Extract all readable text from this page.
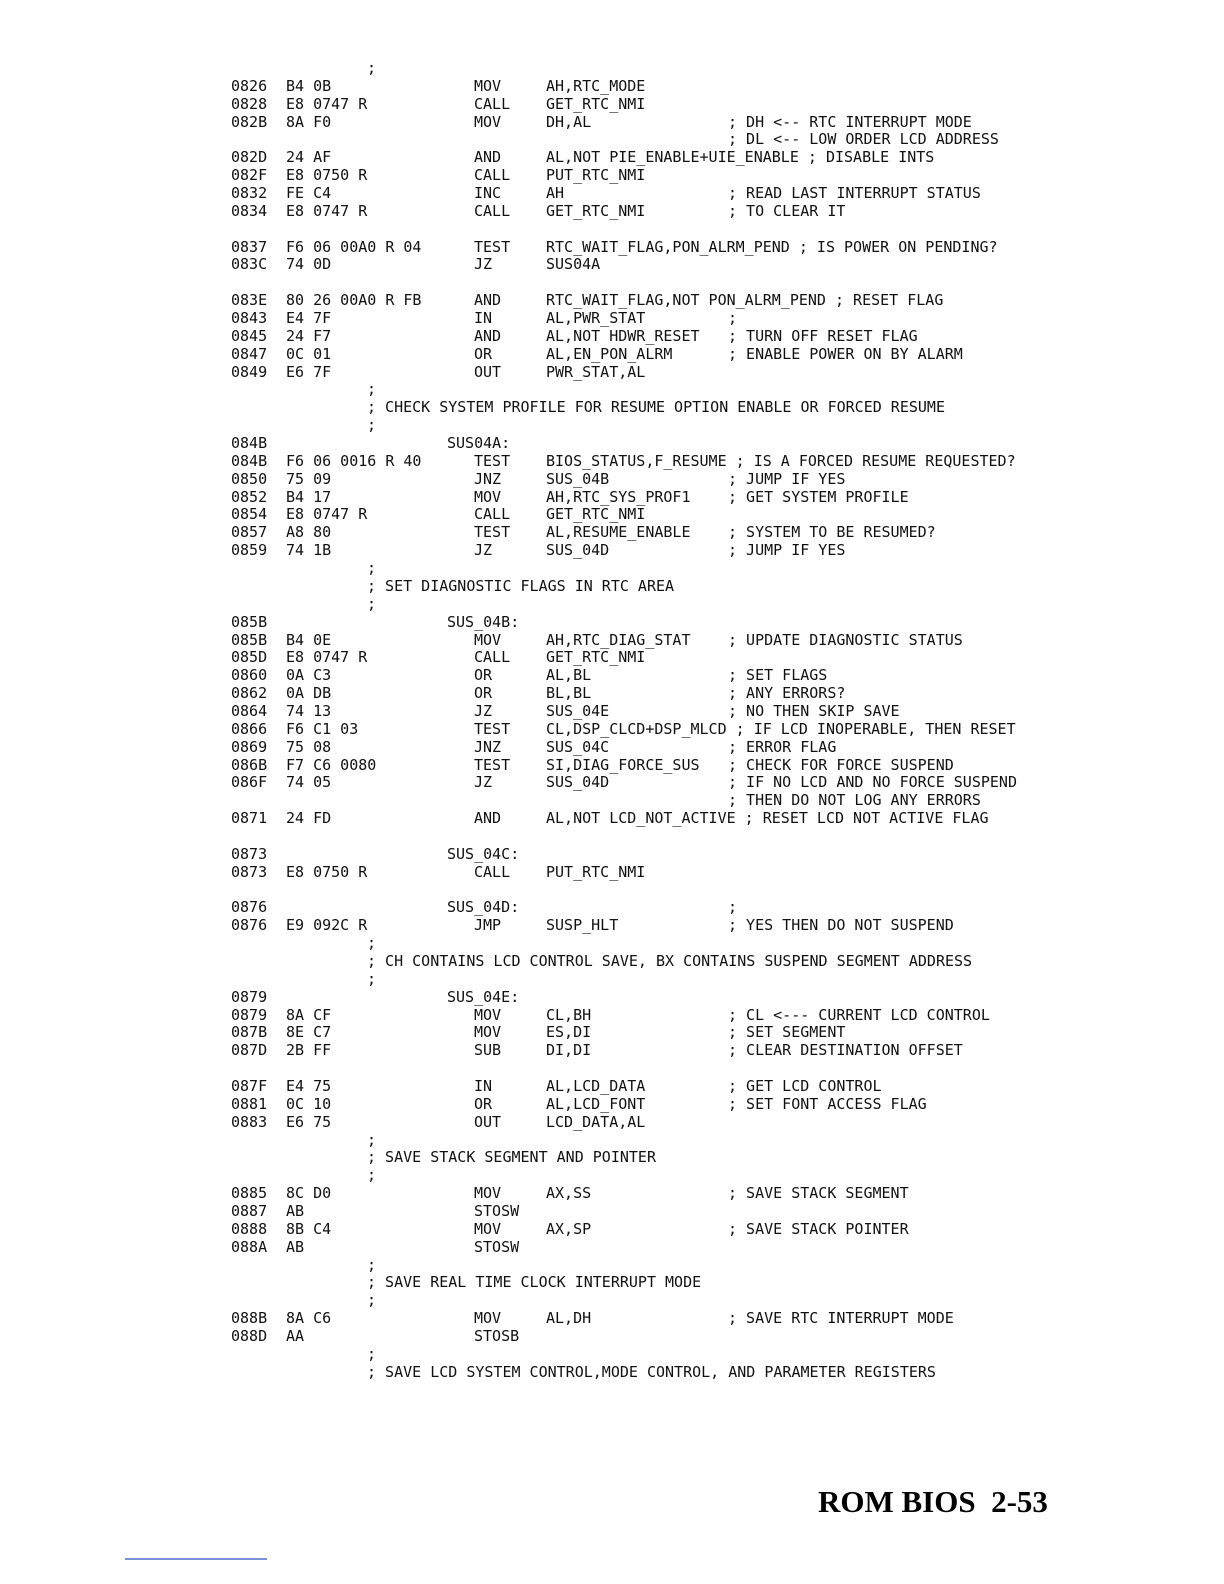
;
0826 B4 0B	MOV	AH,RTC_MODE
0828 E8 0747 R	CALL GET_RTC_NMI
082B 8A F0	MOV	DH,AL	; DH <-- RTC INTERRUPT MODE
; DL <-- LOW ORDER LCD ADDRESS
082D 24 AF	AND	AL,NOT PIE_ENABLE+UIE_ENABLE ; DISABLE INTS
082F E8 0750 R	CALL PUT_RTC_NMI
0832 FE C4	INC	AH	; READ LAST INTERRUPT STATUS
0834 E8 0747 R	CALL GET_RTC_NMI	; TO CLEAR IT
0837 F6 06 00A0 R 04	TEST RTC_WAIT_FLAG,PON_ALRM_PEND ; IS POWER ON PENDING?
083C 74 0D	JZ	SUS04A
083E 80 26 00A0 R FB	AND	RTC_WAIT_FLAG,NOT PON_ALRM_PEND ; RESET FLAG
0843 E4 7F	IN	AL,PWR_STAT	;
0845 24 F7	AND	AL,NOT HDWR_RESET ; TURN OFF RESET FLAG
0847 0C 01	OR	AL,EN_PON_ALRM	; ENABLE POWER ON BY ALARM
0849 E6 7F	OUT	PWR_STAT,AL
;
; CHECK SYSTEM PROFILE FOR RESUME OPTION ENABLE OR FORCED RESUME
;
084B	SUS04A:
084B F6 06 0016 R 40	TEST BIOS_STATUS,F_RESUME ; IS A FORCED RESUME REQUESTED?
0850 75 09	JNZ	SUS_04B	; JUMP IF YES
0852 B4 17	MOV	AH,RTC_SYS_PROF1	; GET SYSTEM PROFILE
0854 E8 0747 R	CALL GET_RTC_NMI
0857 A8 80	TEST AL,RESUME_ENABLE	; SYSTEM TO BE RESUMED?
0859 74 1B	JZ	SUS_04D	; JUMP IF YES
;
; SET DIAGNOSTIC FLAGS IN RTC AREA
;
085B	SUS_04B:
085B B4 0E	MOV	AH,RTC_DIAG_STAT	; UPDATE DIAGNOSTIC STATUS
085D E8 0747 R	CALL GET_RTC_NMI
0860 0A C3	OR	AL,BL	; SET FLAGS
0862 0A DB	OR	BL,BL	; ANY ERRORS?
0864 74 13	JZ	SUS_04E	; NO THEN SKIP SAVE
0866 F6 C1 03	TEST CL,DSP_CLCD+DSP_MLCD ; IF LCD INOPERABLE, THEN RESET
0869 75 08	JNZ	SUS_04C	; ERROR FLAG
086B F7 C6 0080	TEST SI,DIAG_FORCE_SUS ; CHECK FOR FORCE SUSPEND
086F 74 05	JZ	SUS_04D	; IF NO LCD AND NO FORCE SUSPEND
; THEN DO NOT LOG ANY ERRORS
0871 24 FD	AND	AL,NOT LCD_NOT_ACTIVE ; RESET LCD NOT ACTIVE FLAG
0873	SUS_04C:
0873 E8 0750 R	CALL PUT_RTC_NMI
0876	SUS_04D:	;
0876 E9 092C R	JMP	SUSP_HLT	; YES THEN DO NOT SUSPEND
;
; CH CONTAINS LCD CONTROL SAVE, BX CONTAINS SUSPEND SEGMENT ADDRESS
;
0879	SUS_04E:
0879 8A CF	MOV	CL,BH	; CL <--- CURRENT LCD CONTROL
087B 8E C7	MOV	ES,DI	; SET SEGMENT
087D 2B FF	SUB	DI,DI	; CLEAR DESTINATION OFFSET
087F E4 75	IN	AL,LCD_DATA	; GET LCD CONTROL
0881 0C 10	OR	AL,LCD_FONT	; SET FONT ACCESS FLAG
0883 E6 75	OUT	LCD_DATA,AL
;
; SAVE STACK SEGMENT AND POINTER
;
0885 8C D0	MOV	AX,SS	; SAVE STACK SEGMENT
0887 AB	STOSW
0888 8B C4	MOV	AX,SP	; SAVE STACK POINTER
088A AB	STOSW
;
; SAVE REAL TIME CLOCK INTERRUPT MODE
;
088B 8A C6	MOV	AL,DH	; SAVE RTC INTERRUPT MODE
088D AA	STOSB
;
; SAVE LCD SYSTEM CONTROL,MODE CONTROL, AND PARAMETER REGISTERS
ROM BIOS 2-53
